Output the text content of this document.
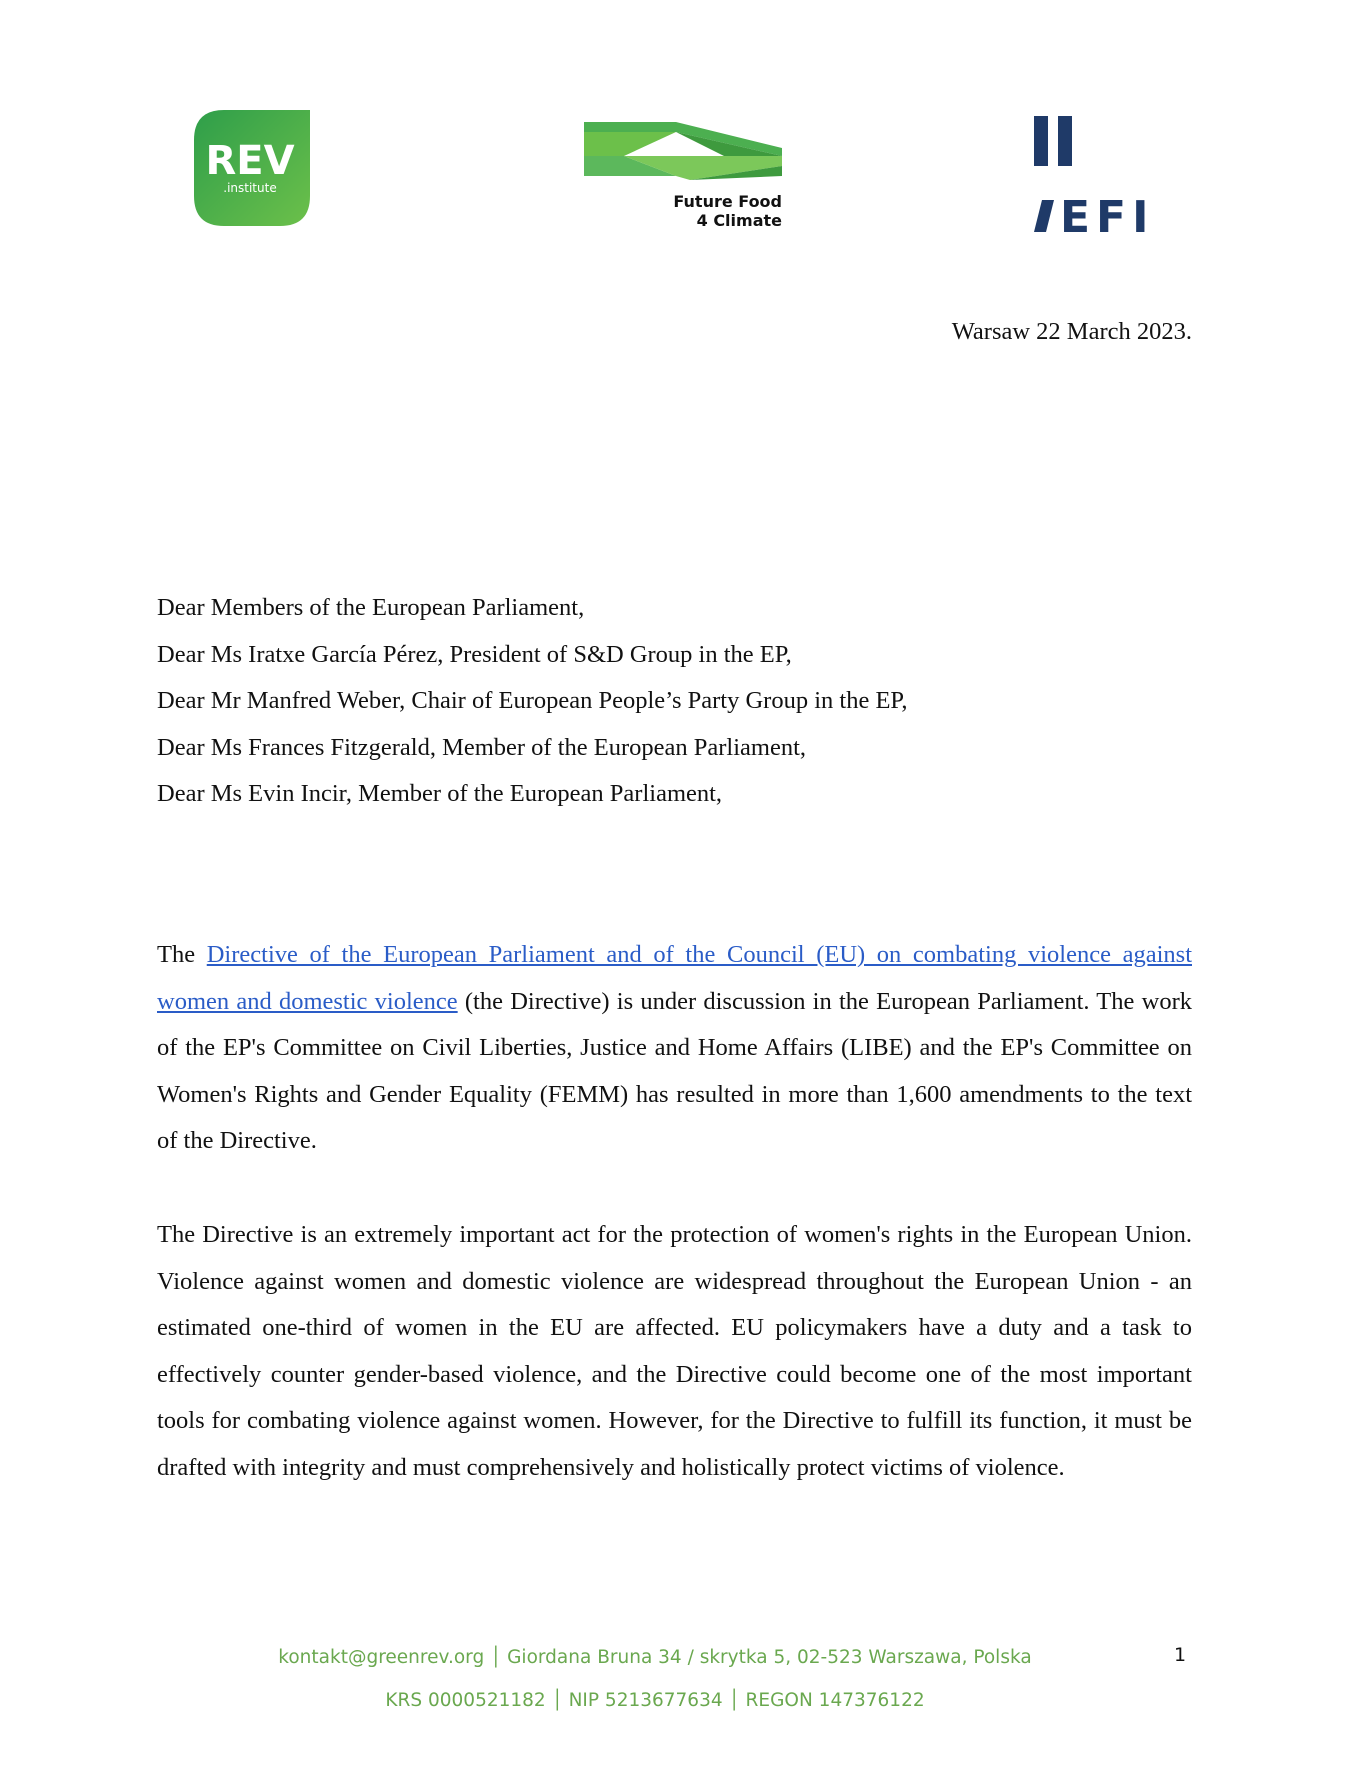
REV
.institute
Future Food
4 Climate	EFI
Warsaw 22 March 2023.
Dear Members of the European Parliament,
Dear Ms Iratxe García Pérez, President of S&D Group in the EP,
Dear Mr Manfred Weber, Chair of European People’s Party Group in the EP,
Dear Ms Frances Fitzgerald, Member of the European Parliament,
Dear Ms Evin Incir, Member of the European Parliament,
The Directive of the European Parliament and of the Council (EU) on combating violence against women and domestic violence (the Directive) is under discussion in the European Parliament. The work of the EP's Committee on Civil Liberties, Justice and Home Affairs (LIBE) and the EP's Committee on Women's Rights and Gender Equality (FEMM) has resulted in more than 1,600 amendments to the text of the Directive.
The Directive is an extremely important act for the protection of women's rights in the European Union. Violence against women and domestic violence are widespread throughout the European Union - an estimated one-third of women in the EU are affected. EU policymakers have a duty and a task to effectively counter gender-based violence, and the Directive could become one of the most important tools for combating violence against women. However, for the Directive to fulfill its function, it must be drafted with integrity and must comprehensively and holistically protect victims of violence.
kontakt@greenrev.org │ Giordana Bruna 34 / skrytka 5, 02-523 Warszawa, Polska
KRS 0000521182 │ NIP 5213677634 │ REGON 147376122
1
